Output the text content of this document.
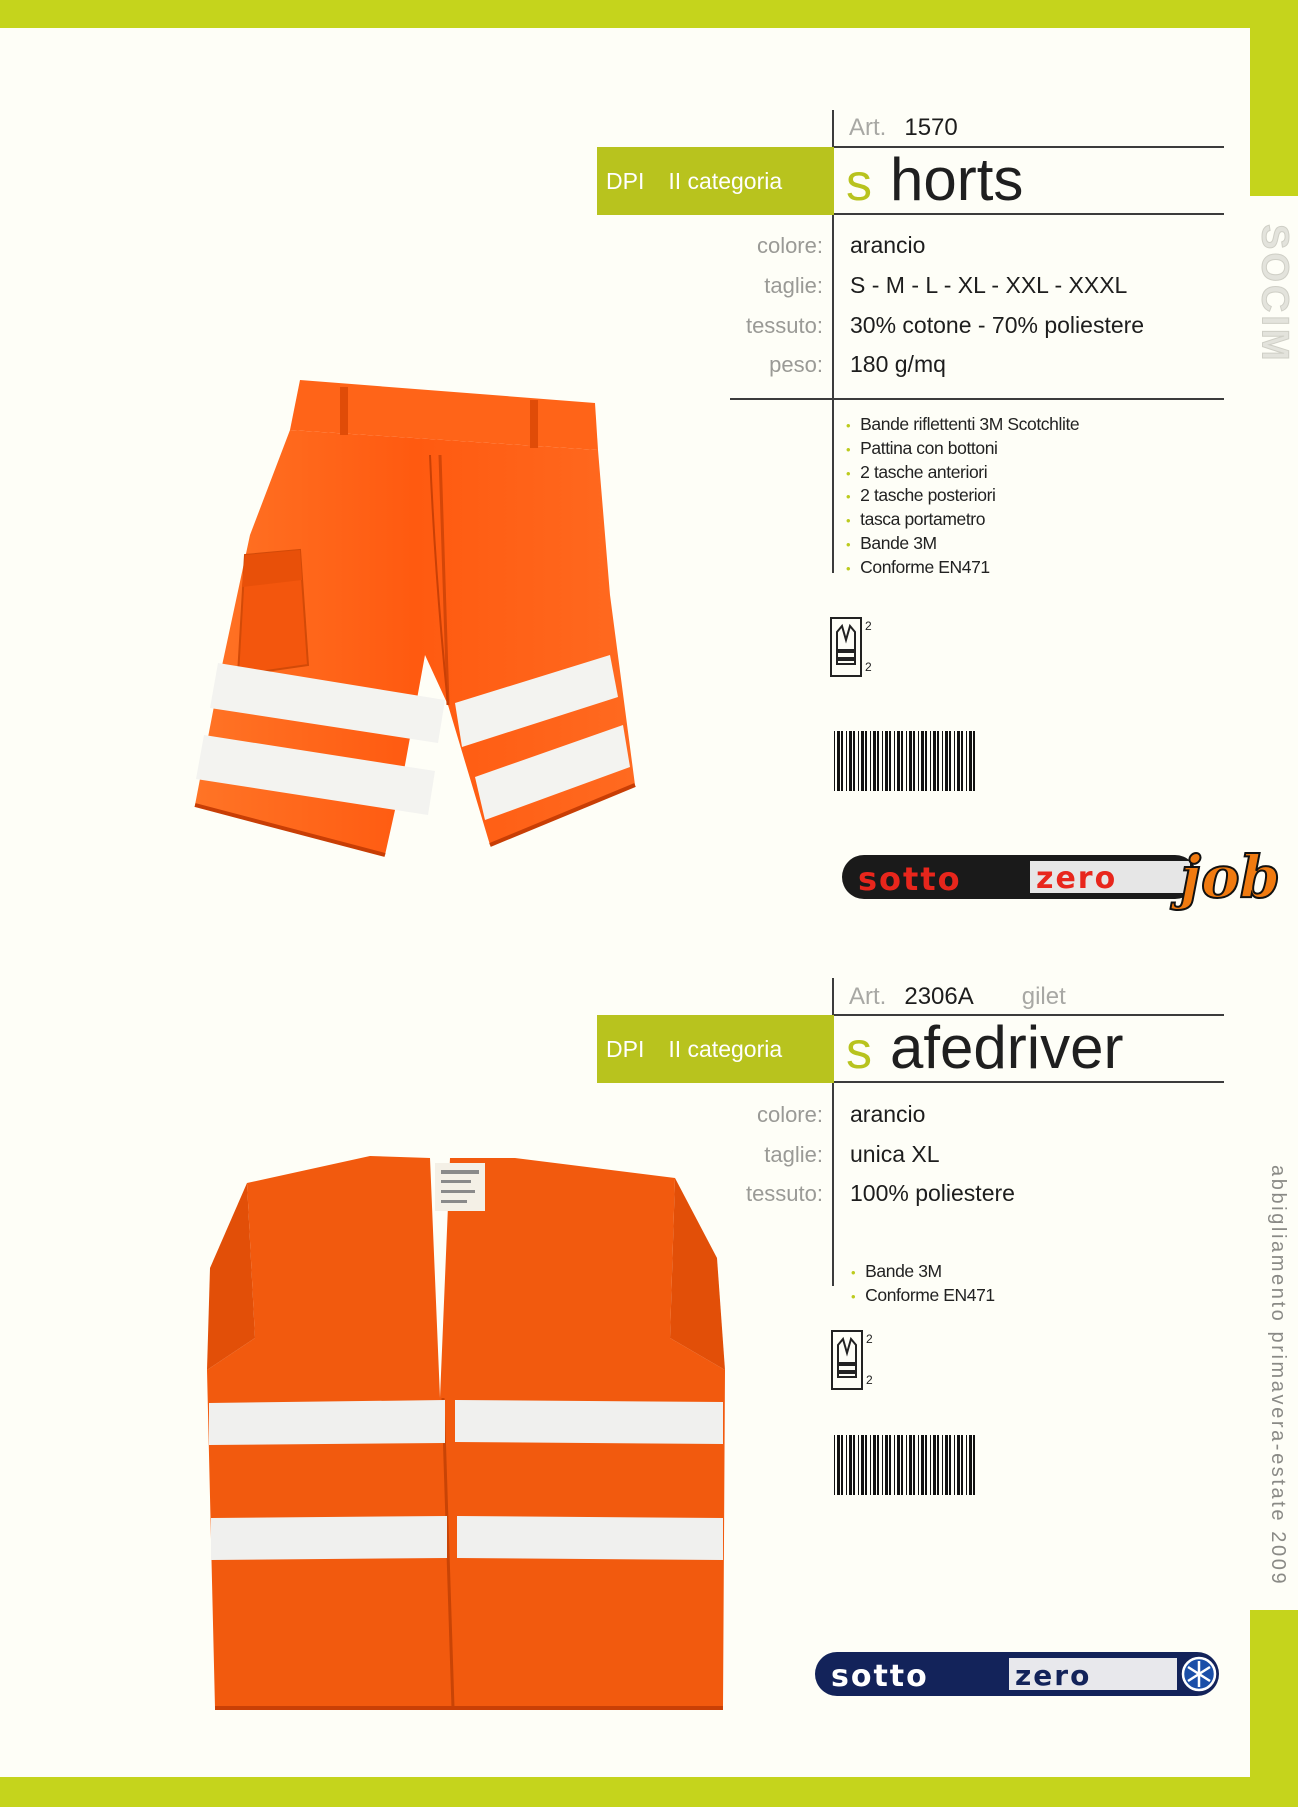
SOCIM
abbigliamento primavera-estate 2009
Art. 1570
DPI II categoria s horts
colore: arancio
taglie: S - M - L - XL - XXL - XXXL
tessuto: 30% cotone - 70% poliestere
peso: 180 g/mq
• Bande riflettenti 3M Scotchlite
• Pattina con bottoni
• 2 tasche anteriori
• 2 tasche posteriori
• tasca portametro
• Bande 3M
• Conforme EN471
2
2
sotto zero job
Art. 2306A gilet
DPI II categoria s afedriver
colore: arancio
taglie: unica XL
tessuto: 100% poliestere
• Bande 3M
• Conforme EN471
2
2
sotto	zero
